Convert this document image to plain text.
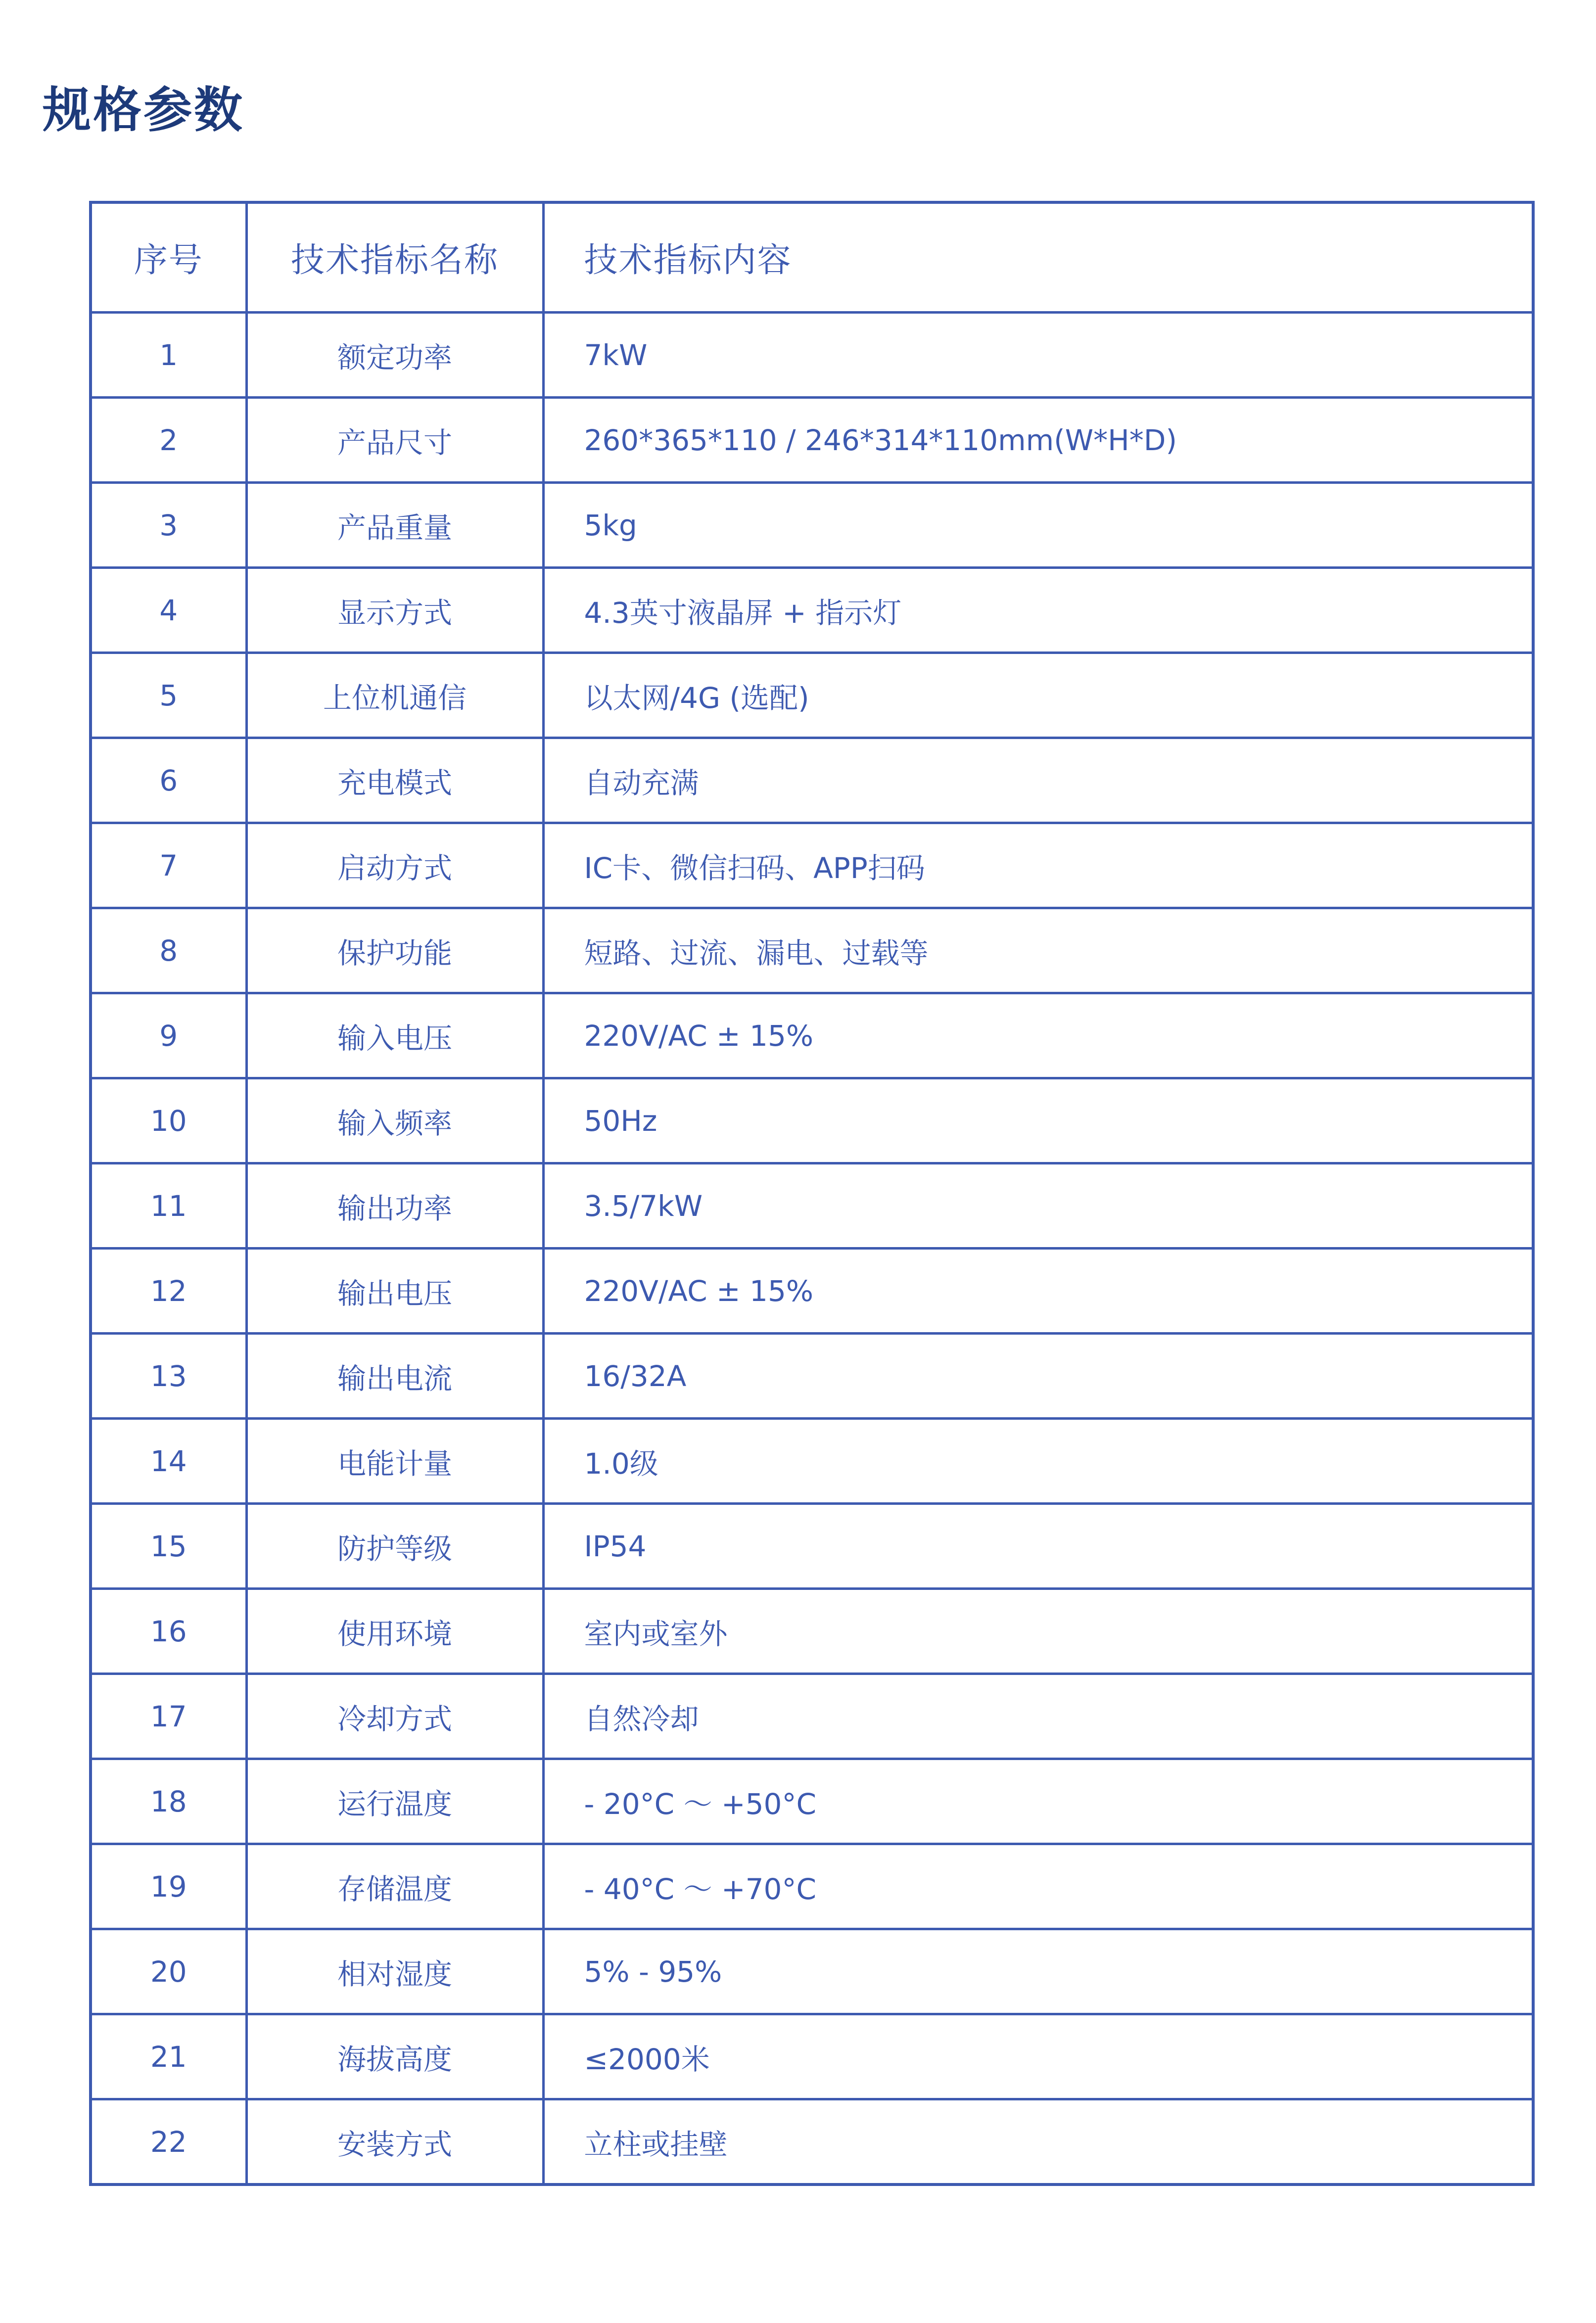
规格参数
序号	技术指标名称	技术指标内容
1	额定功率	7kW
2	产品尺寸	260*365*110 / 246*314*110mm(W*H*D)
3	产品重量	5kg
4	显示方式	4.3英寸液晶屏 + 指示灯
5	上位机通信	以太网/4G (选配)
6	充电模式	自动充满
7	启动方式	IC卡、微信扫码、APP扫码
8	保护功能	短路、过流、漏电、过载等
9	输入电压	220V/AC ± 15%
10	输入频率	50Hz
11	输出功率	3.5/7kW
12	输出电压	220V/AC ± 15%
13	输出电流	16/32A
14	电能计量	1.0级
15	防护等级	IP54
16	使用环境	室内或室外
17	冷却方式	自然冷却
18	运行温度	- 20°C ～ +50°C
19	存储温度	- 40°C ～ +70°C
20	相对湿度	5% - 95%
21	海拔高度	≤2000米
22	安装方式	立柱或挂壁
